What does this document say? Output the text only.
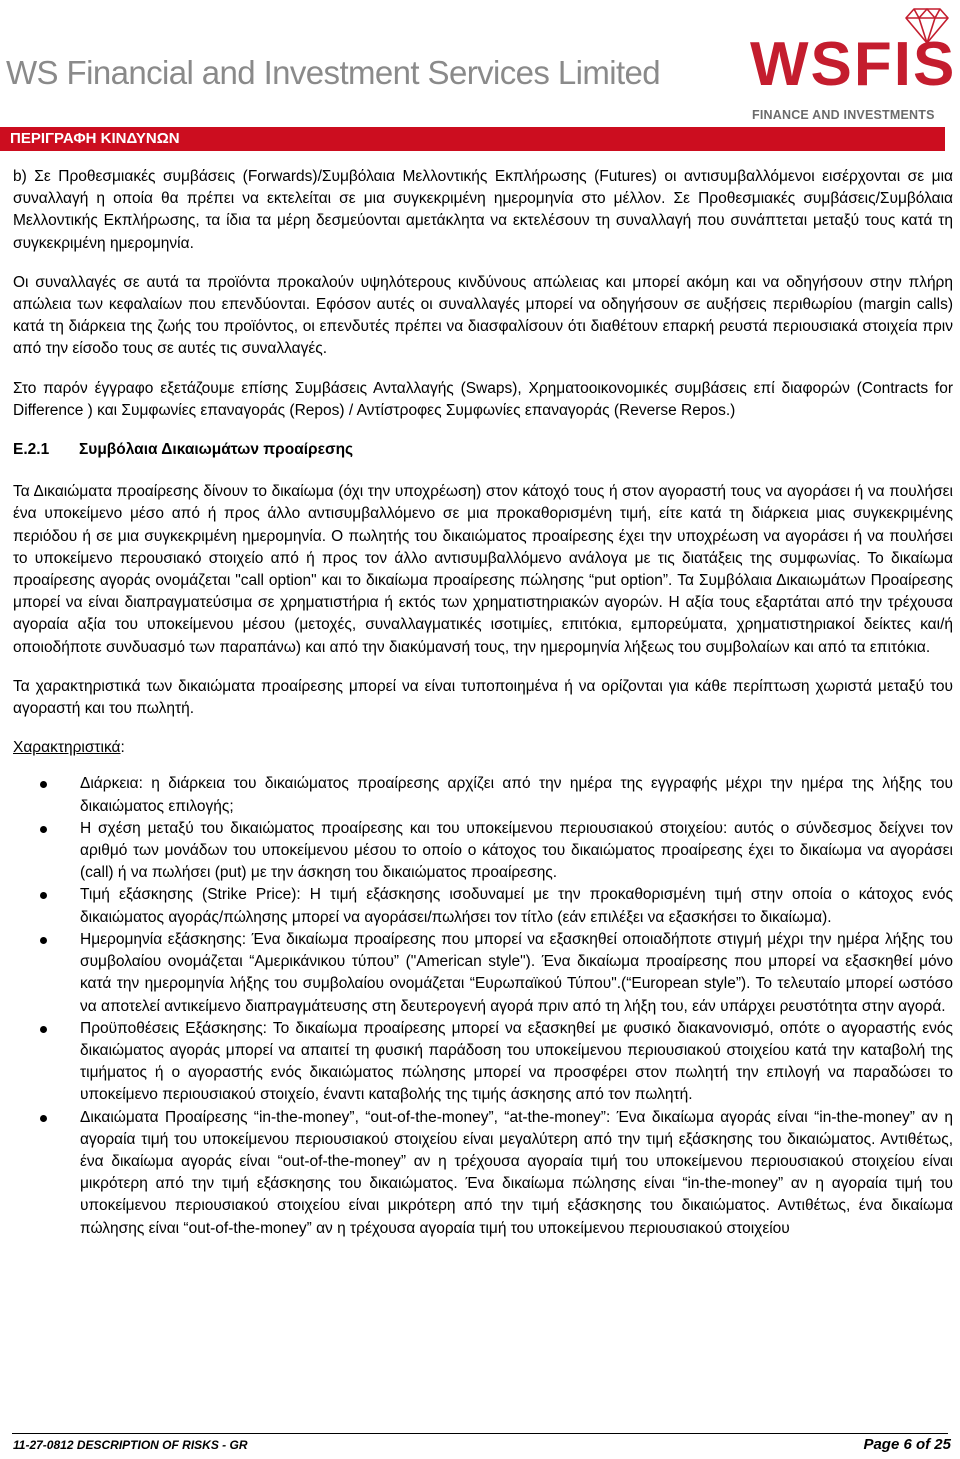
WS Financial and Investment Services Limited WSFIS
FINANCE AND INVESTMENTS
ΠΕΡΙΓΡΑΦΗ ΚΙΝΔΥΝΩΝ

b) Σε Προθεσμιακές συμβάσεις (Forwards)/Συμβόλαια Μελλοντικής Εκπλήρωσης (Futures) οι αντισυμβαλλόμενοι εισέρχονται σε μια συναλλαγή η οποία θα πρέπει να εκτελείται σε μια συγκεκριμένη ημερομηνία στο μέλλον. Σε Προθεσμιακές συμβάσεις/Συμβόλαια Μελλοντικής Εκπλήρωσης, τα ίδια τα μέρη δεσμεύονται αμετάκλητα να εκτελέσουν τη συναλλαγή που συνάπτεται μεταξύ τους κατά τη συγκεκριμένη ημερομηνία.

Οι συναλλαγές σε αυτά τα προϊόντα προκαλούν υψηλότερους κινδύνους απώλειας και μπορεί ακόμη και να οδηγήσουν στην πλήρη απώλεια των κεφαλαίων που επενδύονται. Εφόσον αυτές οι συναλλαγές μπορεί να οδηγήσουν σε αυξήσεις περιθωρίου (margin calls) κατά τη διάρκεια της ζωής του προϊόντος, οι επενδυτές πρέπει να διασφαλίσουν ότι διαθέτουν επαρκή ρευστά περιουσιακά στοιχεία πριν από την είσοδο τους σε αυτές τις συναλλαγές.

Στο παρόν έγγραφο εξετάζουμε επίσης Συμβάσεις Ανταλλαγής (Swaps), Χρηματοοικονομικές συμβάσεις επί διαφορών (Contracts for Difference ) και Συμφωνίες επαναγοράς (Repos) / Αντίστροφες Συμφωνίες επαναγοράς (Reverse Repos.)

E.2.1	Συμβόλαια Δικαιωμάτων προαίρεσης

Τα Δικαιώματα προαίρεσης δίνουν το δικαίωμα (όχι την υποχρέωση) στον κάτοχό τους ή στον αγοραστή τους να αγοράσει ή να πουλήσει ένα υποκείμενο μέσο από ή προς άλλο αντισυμβαλλόμενο σε μια προκαθορισμένη τιμή, είτε κατά τη διάρκεια μιας συγκεκριμένης περιόδου ή σε μια συγκεκριμένη ημερομηνία. Ο πωλητής του δικαιώματος προαίρεσης έχει την υποχρέωση να αγοράσει ή να πουλήσει το υποκείμενο περουσιακό στοιχείο από ή προς τον άλλο αντισυμβαλλόμενο ανάλογα με τις διατάξεις της συμφωνίας. Το δικαίωμα προαίρεσης αγοράς ονομάζεται "call option" και το δικαίωμα προαίρεσης πώλησης “put option”. Τα Συμβόλαια Δικαιωμάτων Προαίρεσης μπορεί να είναι διαπραγματεύσιμα σε χρηματιστήρια ή εκτός των χρηματιστηριακών αγορών. Η αξία τους εξαρτάται από την τρέχουσα αγοραία αξία του υποκείμενου μέσου (μετοχές, συναλλαγματικές ισοτιμίες, επιτόκια, εμπορεύματα, χρηματιστηριακοί δείκτες και/ή οποιοδήποτε συνδυασμό των παραπάνω) και από την διακύμανσή τους, την ημερομηνία λήξεως του συμβολαίων και από τα επιτόκια.

Τα χαρακτηριστικά των δικαιώματα προαίρεσης μπορεί να είναι τυποποιημένα ή να ορίζονται για κάθε περίπτωση χωριστά μεταξύ του αγοραστή και του πωλητή.

Χαρακτηριστικά:

Διάρκεια: η διάρκεια του δικαιώματος προαίρεσης αρχίζει από την ημέρα της εγγραφής μέχρι την ημέρα της λήξης του δικαιώματος επιλογής;
Η σχέση μεταξύ του δικαιώματος προαίρεσης και του υποκείμενου περιουσιακού στοιχείου: αυτός ο σύνδεσμος δείχνει τον αριθμό των μονάδων του υποκείμενου μέσου το οποίο ο κάτοχος του δικαιώματος προαίρεσης έχει το δικαίωμα να αγοράσει (call) ή να πωλήσει (put) με την άσκηση του δικαιώματος προαίρεσης.
Τιμή εξάσκησης (Strike Price): Η τιμή εξάσκησης ισοδυναμεί με την προκαθορισμένη τιμή στην οποία ο κάτοχος ενός δικαιώματος αγοράς/πώλησης μπορεί να αγοράσει/πωλήσει τον τίτλο (εάν επιλέξει να εξασκήσει το δικαίωμα).
Ημερομηνία εξάσκησης: Ένα δικαίωμα προαίρεσης που μπορεί να εξασκηθεί οποιαδήποτε στιγμή μέχρι την ημέρα λήξης του συμβολαίου ονομάζεται “Αμερικάνικου τύπου” ("American style"). Ένα δικαίωμα προαίρεσης που μπορεί να εξασκηθεί μόνο κατά την ημερομηνία λήξης του συμβολαίου ονομάζεται “Ευρωπαϊκού Τύπου".(“European style”). Το τελευταίο μπορεί ωστόσο να αποτελεί αντικείμενο διαπραγμάτευσης στη δευτερογενή αγορά πριν από τη λήξη του, εάν υπάρχει ρευστότητα στην αγορά.
Προϋποθέσεις Εξάσκησης: Το δικαίωμα προαίρεσης μπορεί να εξασκηθεί με φυσικό διακανονισμό, οπότε ο αγοραστής ενός δικαιώματος αγοράς μπορεί να απαιτεί τη φυσική παράδοση του υποκείμενου περιουσιακού στοιχείου κατά την καταβολή της τιμήματος ή ο αγοραστής ενός δικαιώματος πώλησης μπορεί να προσφέρει στον πωλητή την επιλογή να παραδώσει το υποκείμενο περιουσιακού στοιχείο, έναντι καταβολής της τιμής άσκησης από τον πωλητή.
Δικαιώματα Προαίρεσης “in-the-money”, “out-of-the-money”, “at-the-money”: Ένα δικαίωμα αγοράς είναι “in-the-money” αν η αγοραία τιμή του υποκείμενου περιουσιακού στοιχείου είναι μεγαλύτερη από την τιμή εξάσκησης του δικαιώματος. Αντιθέτως, ένα δικαίωμα αγοράς είναι “out-of-the-money” αν η τρέχουσα αγοραία τιμή του υποκείμενου περιουσιακού στοιχείου είναι μικρότερη από την τιμή εξάσκησης του δικαιώματος. Ένα δικαίωμα πώλησης είναι “in-the-money” αν η αγοραία τιμή του υποκείμενου περιουσιακού στοιχείου είναι μικρότερη από την τιμή εξάσκησης του δικαιώματος. Αντιθέτως, ένα δικαίωμα πώλησης είναι “out-of-the-money” αν η τρέχουσα αγοραία τιμή του υποκείμενου περιουσιακού στοιχείου
11-27-0812 DESCRIPTION OF RISKS - GR	Page 6 of 25
